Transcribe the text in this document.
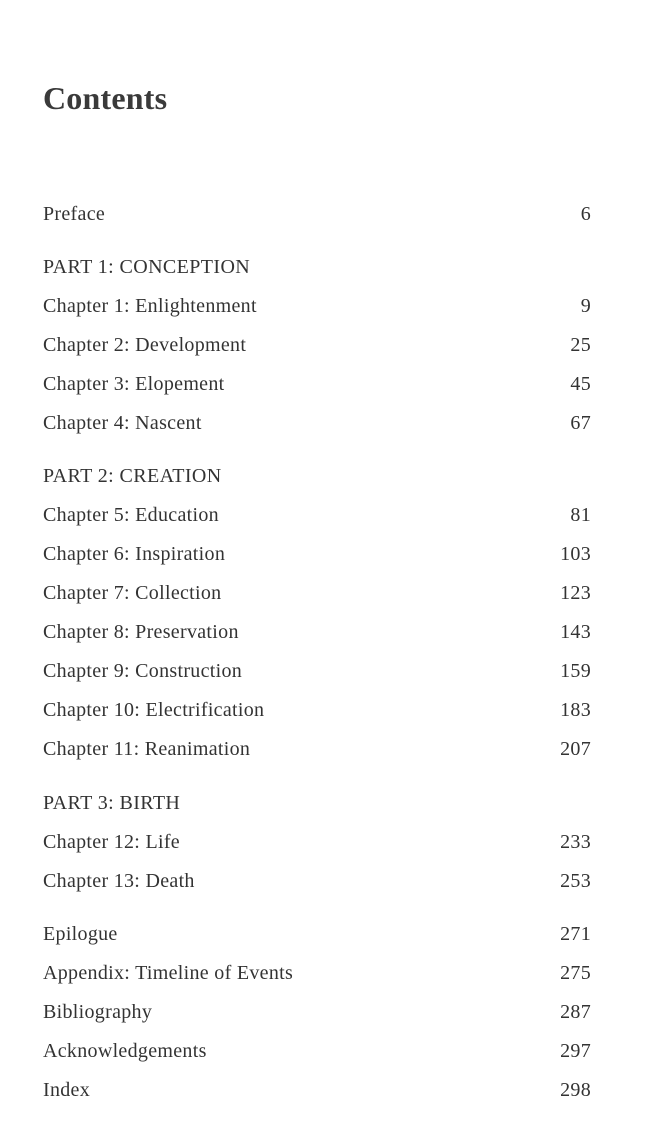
Contents
Preface	6
PART 1: CONCEPTION
Chapter 1: Enlightenment	9
Chapter 2: Development	25
Chapter 3: Elopement	45
Chapter 4: Nascent	67
PART 2: CREATION
Chapter 5: Education	81
Chapter 6: Inspiration	103
Chapter 7: Collection	123
Chapter 8: Preservation	143
Chapter 9: Construction	159
Chapter 10: Electrification	183
Chapter 11: Reanimation	207
PART 3: BIRTH
Chapter 12: Life	233
Chapter 13: Death	253
Epilogue	271
Appendix: Timeline of Events	275
Bibliography	287
Acknowledgements	297
Index	298
